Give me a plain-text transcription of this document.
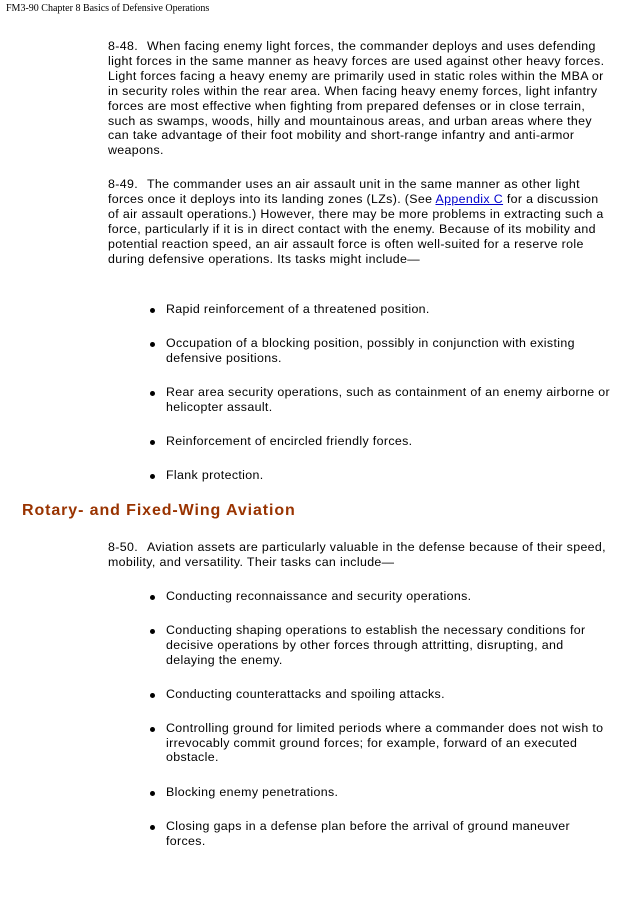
FM3-90 Chapter 8 Basics of Defensive Operations

8-48. When facing enemy light forces, the commander deploys and uses defending light forces in the same manner as heavy forces are used against other heavy forces. Light forces facing a heavy enemy are primarily used in static roles within the MBA or in security roles within the rear area. When facing heavy enemy forces, light infantry forces are most effective when fighting from prepared defenses or in close terrain, such as swamps, woods, hilly and mountainous areas, and urban areas where they can take advantage of their foot mobility and short-range infantry and anti-armor weapons.

8-49. The commander uses an air assault unit in the same manner as other light forces once it deploys into its landing zones (LZs). (See Appendix C for a discussion of air assault operations.) However, there may be more problems in extracting such a force, particularly if it is in direct contact with the enemy. Because of its mobility and potential reaction speed, an air assault force is often well-suited for a reserve role during defensive operations. Its tasks might include—

Rapid reinforcement of a threatened position.
Occupation of a blocking position, possibly in conjunction with existing defensive positions.
Rear area security operations, such as containment of an enemy airborne or helicopter assault.
Reinforcement of encircled friendly forces.
Flank protection.
Rotary- and Fixed-Wing Aviation

8-50. Aviation assets are particularly valuable in the defense because of their speed, mobility, and versatility. Their tasks can include—

Conducting reconnaissance and security operations.
Conducting shaping operations to establish the necessary conditions for decisive operations by other forces through attritting, disrupting, and delaying the enemy.
Conducting counterattacks and spoiling attacks.
Controlling ground for limited periods where a commander does not wish to irrevocably commit ground forces; for example, forward of an executed obstacle.
Blocking enemy penetrations.
Closing gaps in a defense plan before the arrival of ground maneuver forces.
